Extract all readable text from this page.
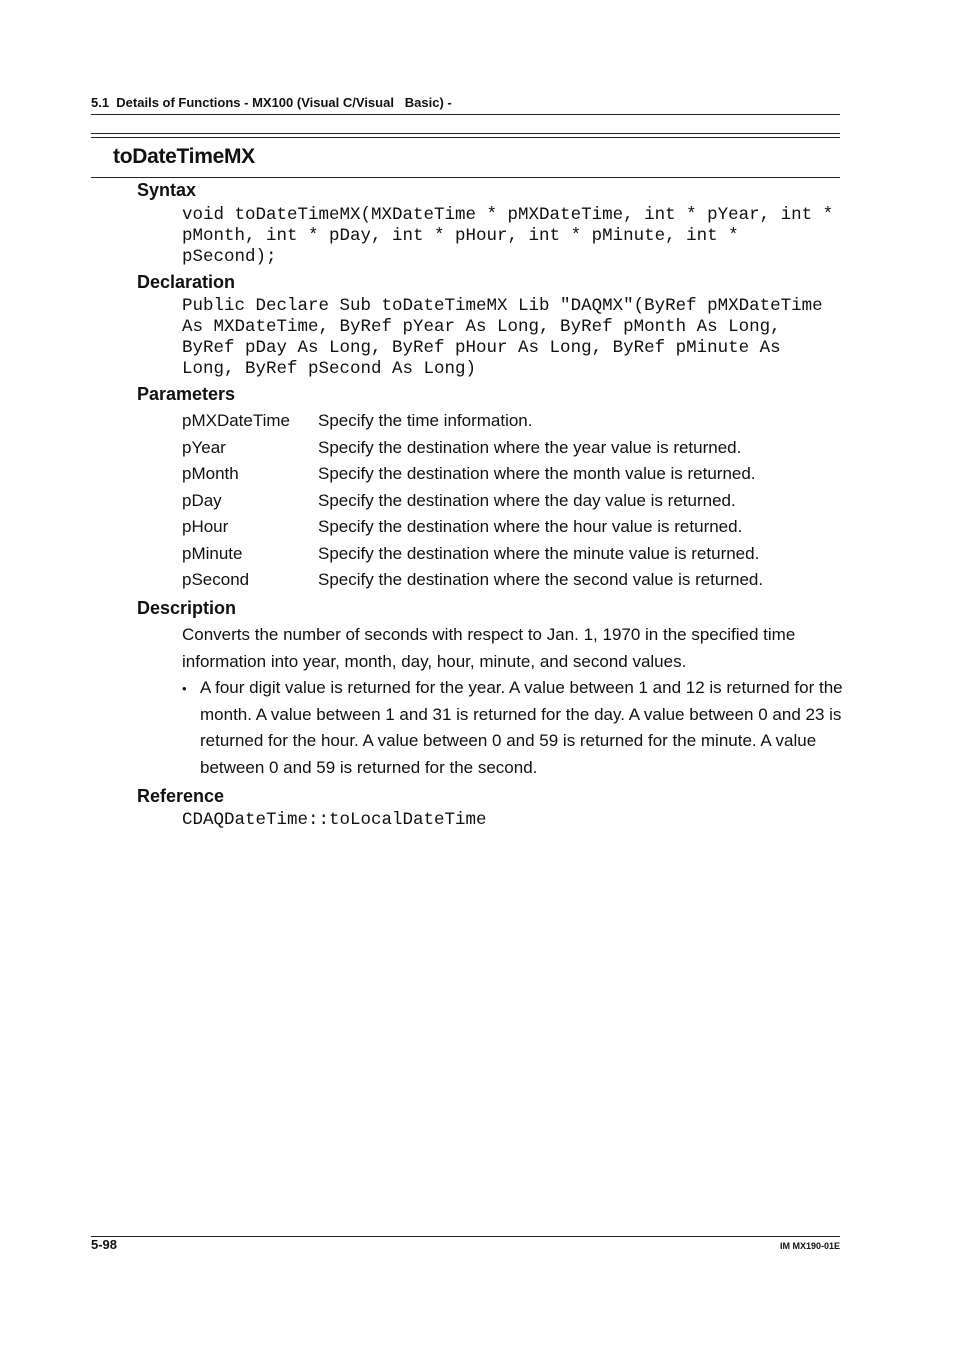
5.1  Details of Functions - MX100 (Visual C/Visual   Basic) -
toDateTimeMX
Syntax
void toDateTimeMX(MXDateTime * pMXDateTime, int * pYear, int *
pMonth, int * pDay, int * pHour, int * pMinute, int *
pSecond);
Declaration
Public Declare Sub toDateTimeMX Lib "DAQMX"(ByRef pMXDateTime
As MXDateTime, ByRef pYear As Long, ByRef pMonth As Long,
ByRef pDay As Long, ByRef pHour As Long, ByRef pMinute As
Long, ByRef pSecond As Long)
Parameters
pMXDateTime Specify the time information.
pYear	Specify the destination where the year value is returned.
pMonth	Specify the destination where the month value is returned.
pDay	Specify the destination where the day value is returned.
pHour	Specify the destination where the hour value is returned.
pMinute	Specify the destination where the minute value is returned.
pSecond	Specify the destination where the second value is returned.
Description
Converts the number of seconds with respect to Jan. 1, 1970 in the specified time information into year, month, day, hour, minute, and second values.
• A four digit value is returned for the year. A value between 1 and 12 is returned for the month. A value between 1 and 31 is returned for the day. A value between 0 and 23 is returned for the hour. A value between 0 and 59 is returned for the minute. A value between 0 and 59 is returned for the second.
Reference
CDAQDateTime::toLocalDateTime
5-98	IM MX190-01E
